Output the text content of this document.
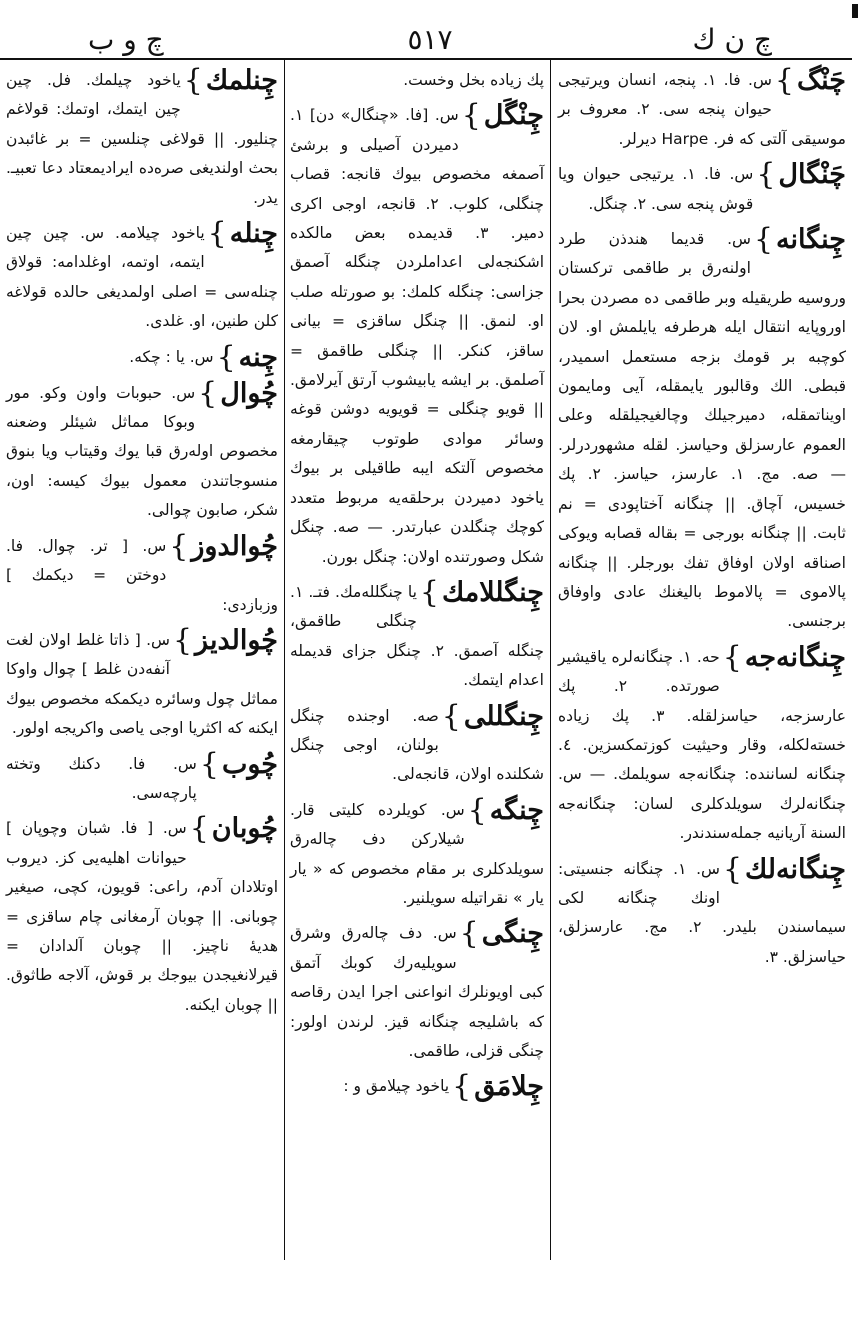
چ ن ك
٥١٧
چ و ب
چَنْگ
}
س. فا. ١. پنجه، انسان ويرتيجى حيوان پنجه سى. ٢. معروف بر موسيقى آلتى كه فر. Harpe ديرلر.
چَنْگال
}
س. فا. ١. يرتيجى حيوان ويا قوش پنجه سى. ٢. چنگل.
چِنگانه
}
س. قديما هندذن طرد اولنه‌رق بر طاقمى تركستان وروسيه طريقيله وبر طاقمى ده مصردن بحرا اوروپايه انتقال ايله هرطرفه يايلمش او. لان كوچبه بر قومك بزجه مستعمل اسميدر، قبطى. الك وقالبور يايمقله، آيى ومايمون اويناتمقله، دميرجيلك وچالغيجيلقله وعلى العموم عارسزلق وحياسز. لقله مشهوردرلر. — صه. مج. ١. عارسز، حياسز. ٢. پك خسيس، آچاق. || چنگانه آختاپودى = نم ثابت. || چنگانه بورجى = بقاله قصابه ويوكى اصناقه اولان اوفاق تفك بورجلر. || چنگانه پالاموى = پالاموط باليغنك عادى واوفاق برجنسى.
چِنگانه‌جه
}
حه. ١. چنگانه‌لره ياقيشير صورتده. ٢. پك عارسزجه، حياسزلقله. ٣. پك زياده خسته‌لكله، وقار وحيثيت كوزتمكسزين. ٤. چنگانه لساننده: چنگانه‌جه سويلمك. — س. چنگانه‌لرك سويلدكلرى لسان: چنگانه‌جه السنة آريانيه جمله‌سندندر.
چِنگانه‌لك
}
س. ١. چنگانه جنسيتى: اونك چنگانه لكى سيماسندن بليدر. ٢. مج. عارسزلق، حياسزلق. ٣.
پك زياده بخل وخست.
چِنْگَل
}
س. [فا. «چنگال» دن] ١. دميردن آصيلى و برشئ آصمغه مخصوص بيوك قانجه: قصاب چنگلى، كلوب. ٢. قانجه، اوجى اكرى دمير. ٣. قديمده بعض مالكده اشكنجه‌لى اعداملردن چنگله آصمق جزاسى: چنگله كلمك: بو صورتله صلب او. لنمق. || چنگل ساقزى = بيانى ساقز، كنكر. || چنگلى طاقمق = آصلمق. بر ايشه يابيشوب آرتق آيرلامق. || قويو چنگلى = قويويه دوشن قوغه وسائر موادى طوتوب چيقارمغه مخصوص آلتكه ايبه طاقيلى بر بيوك ياخود دميردن برحلقه‌يه مربوط متعدد كوچك چنگلدن عبارتدر. — صه. چنگل شكل وصورتنده اولان: چنگل بورن.
چِنگللامك
}
يا چنگلله‌مك. فتـ. ١. چنگلى طاقمق، چنگله آصمق. ٢. چنگل جزاى قديمله اعدام ايتمك.
چِنگللى
}
صه. اوجنده چنگل بولنان، اوجى چنگل شكلنده اولان، قانجه‌لى.
چِنگه
}
س. كويلرده كليتى قار. شيلاركن دف چاله‌رق سويلدكلرى بر مقام مخصوص كه « يار يار » نقراتيله سويلنير.
چِنگى
}
س. دف چاله‌رق وشرق سويليه‌رك كوبك آتمق كبى اويونلرك انواعنى اجرا ايدن رقاصه كه باشليجه چنگانه قيز. لرندن اولور: چنگى قزلى، طاقمى.
چِلامَق
}
ياخود چيلامق و :
چِنلمك
}
ياخود چيلمك. فل. چين چين ايتمك، اوتمك: قولاغم چنليور. || قولاغى چنلسين = بر غائبدن بحث اولنديغى صره‌ده ايراديمعتاد دعا تعبيـ. يدر.
چِنله
}
ياخود چيلامه. س. چين چين ايتمه، اوتمه، اوغلدامه: قولاق چنله‌سى = اصلى اولمديغى حالده قولاغه كلن طنين، او. غلدى.
چِنه
}
س. يا : چكه.
چُوال
}
س. حبوبات واون وكو. مور وبوكا مماثل شيئلر وضعنه مخصوص اوله‌رق قبا يوك وقيتاب ويا بنوق منسوجاتندن معمول بيوك كيسه: اون، شكر، صابون چوالى.
چُوالدوز
}
س. [ تر. چوال. فا. دوختن = ديكمك ] وزبازدى:
چُوالديز
}
س. [ ذاتا غلط اولان لغت آنفه‌دن غلط ] چوال واوكا مماثل چول وسائره ديكمكه مخصوص بيوك ايكنه كه اكثريا اوجى ياصى واكريجه اولور.
چُوب
}
س. فا. دكنك وتخته پارچه‌سى.
چُوبان
}
س. [ فا. شبان وچوپان ] حيوانات اهليه‌يى كز. ديروب اوتلادان آدم، راعى: قويون، كچى، صيغير چوبانى. || چوبان آرمغانى چام ساقزى = هديهٔ ناچيز. || چوبان آلدادان = قيرلانغيجدن بيوجك بر قوش، آلاجه طاثوق. || چوبان ايكنه.
